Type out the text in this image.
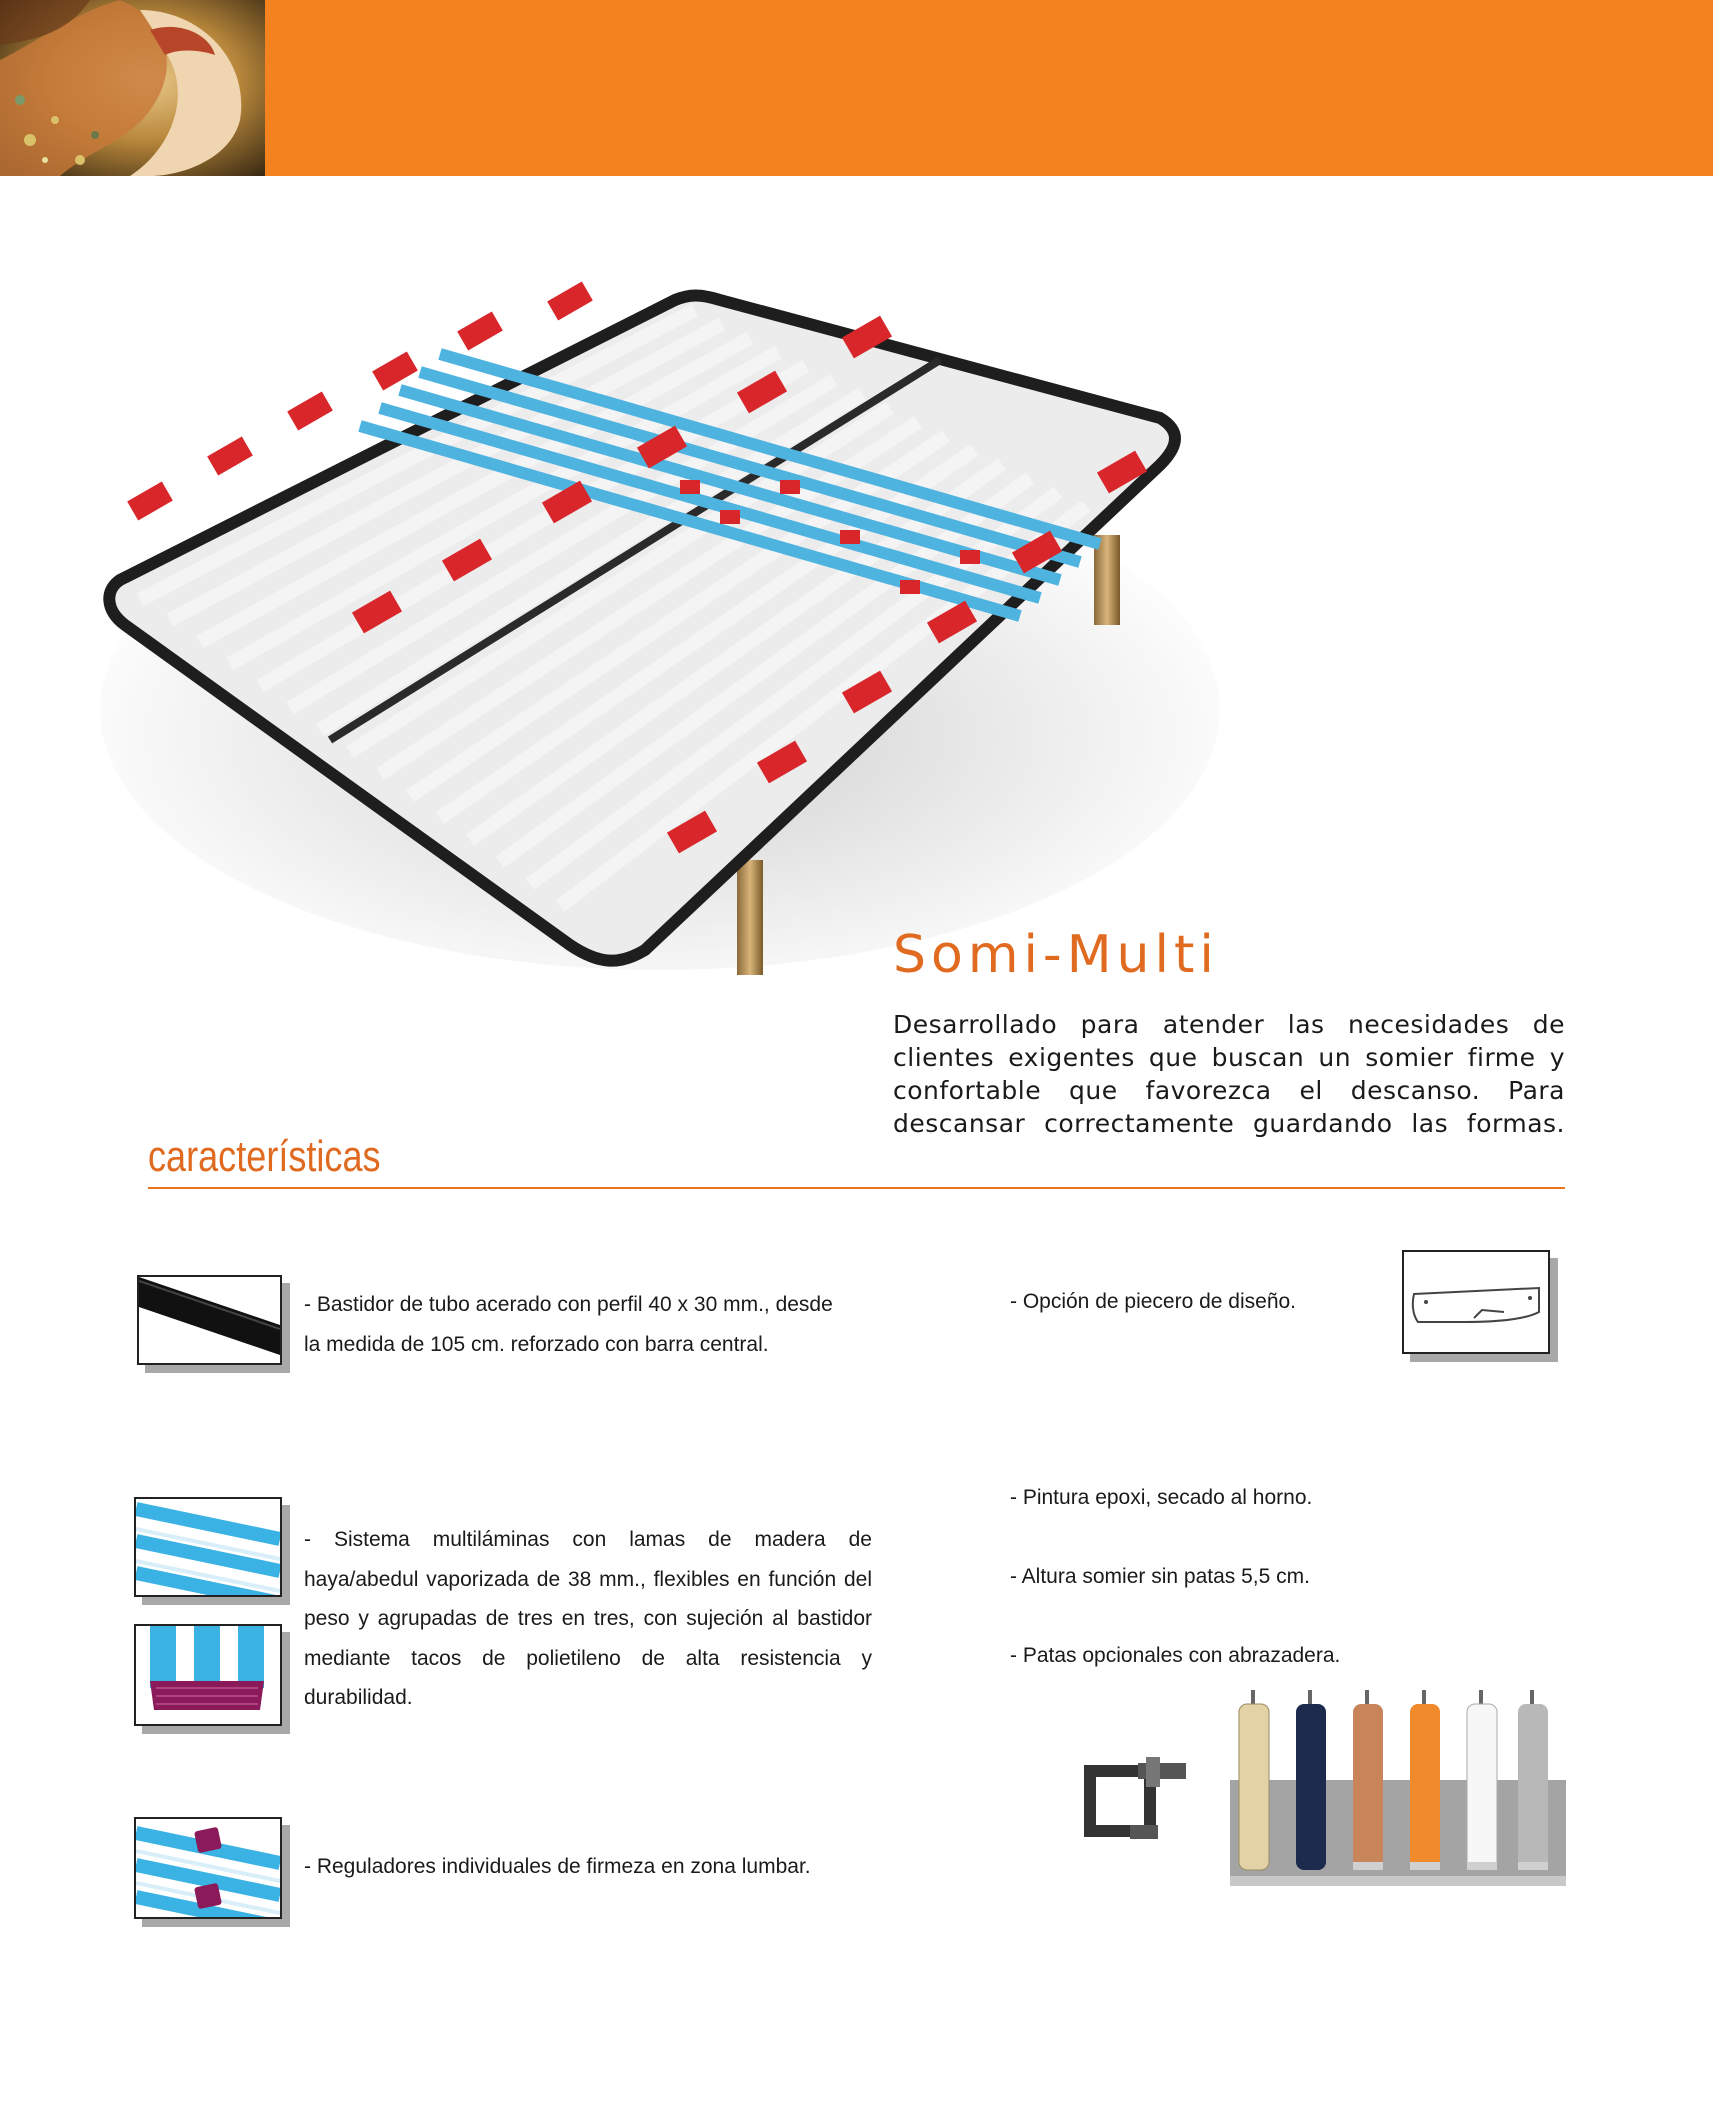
Somi-Multi
Desarrollado para atender las necesidades de clientes exigentes que buscan un somier firme y confortable que favorezca el descanso. Para descansar correctamente guardando las formas.
características
- Bastidor de tubo acerado con perfil 40 x 30 mm., desde la medida de 105 cm. reforzado con barra central.
- Sistema multiláminas con lamas de madera de haya/abedul vaporizada de 38 mm., flexibles en función del peso y agrupadas de tres en tres, con sujeción al bastidor mediante tacos de polietileno de alta resistencia y durabilidad.
- Reguladores individuales de firmeza en zona lumbar.
- Opción de piecero de diseño.
- Pintura epoxi, secado al horno.
- Altura somier sin patas 5,5 cm.
- Patas opcionales con abrazadera.
